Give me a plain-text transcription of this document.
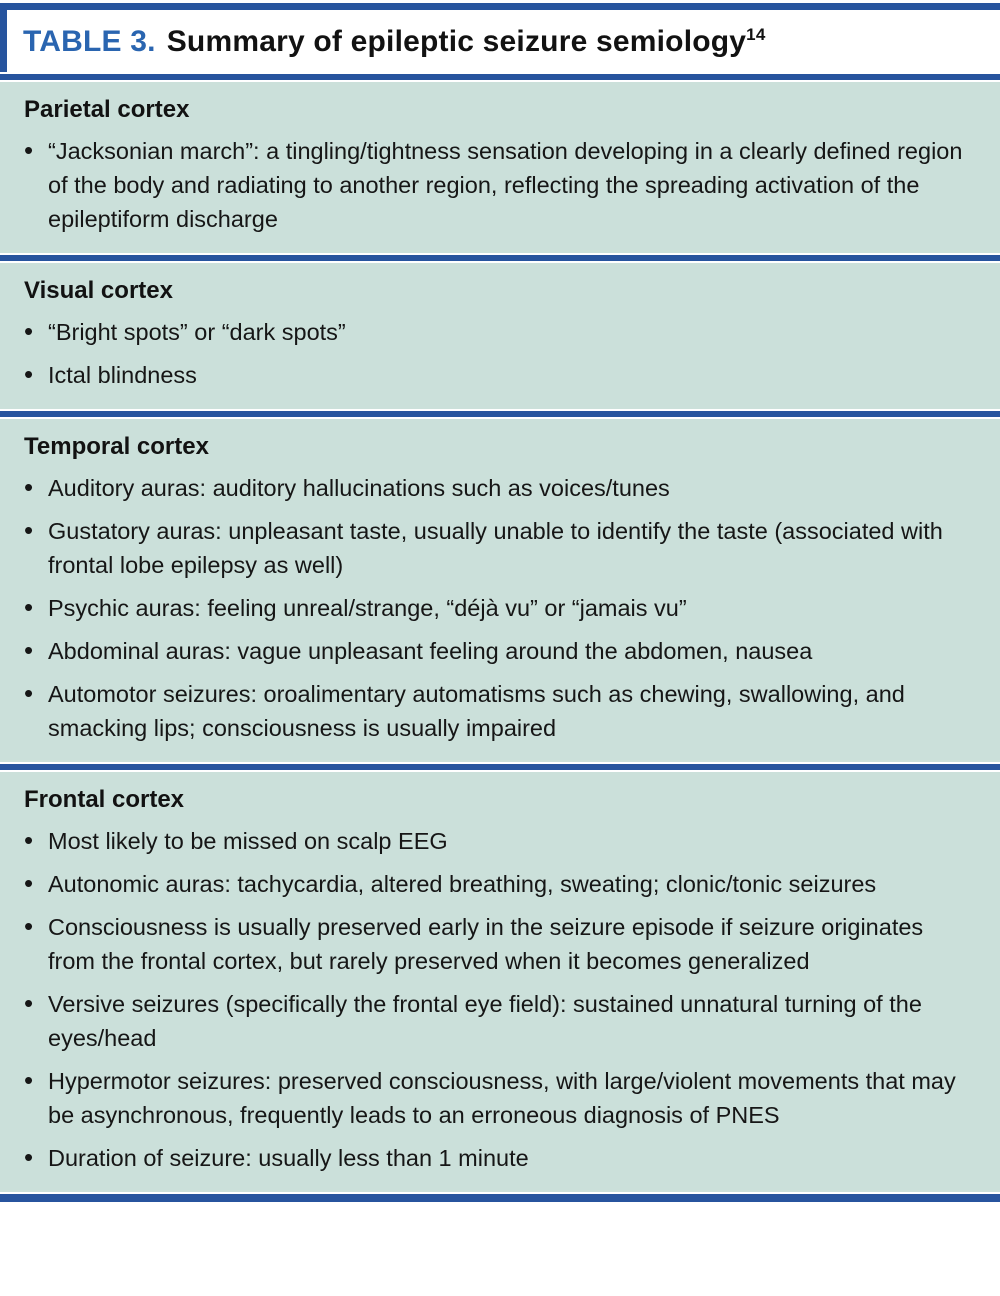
TABLE 3. Summary of epileptic seizure semiology$^{14}$
Parietal cortex
• “Jacksonian march”: a tingling/tightness sensation developing in a clearly defined region of the body and radiating to another region, reflecting the spreading activation of the epileptiform discharge
Visual cortex
• “Bright spots” or “dark spots”
• Ictal blindness
Temporal cortex
• Auditory auras: auditory hallucinations such as voices/tunes
• Gustatory auras: unpleasant taste, usually unable to identify the taste (associated with frontal lobe epilepsy as well)
• Psychic auras: feeling unreal/strange, “déjà vu” or “jamais vu”
• Abdominal auras: vague unpleasant feeling around the abdomen, nausea
• Automotor seizures: oroalimentary automatisms such as chewing, swallowing, and smacking lips; consciousness is usually impaired
Frontal cortex
• Most likely to be missed on scalp EEG
• Autonomic auras: tachycardia, altered breathing, sweating; clonic/tonic seizures
• Consciousness is usually preserved early in the seizure episode if seizure originates from the frontal cortex, but rarely preserved when it becomes generalized
• Versive seizures (specifically the frontal eye field): sustained unnatural turning of the eyes/head
• Hypermotor seizures: preserved consciousness, with large/violent movements that may be asynchronous, frequently leads to an erroneous diagnosis of PNES
• Duration of seizure: usually less than 1 minute
